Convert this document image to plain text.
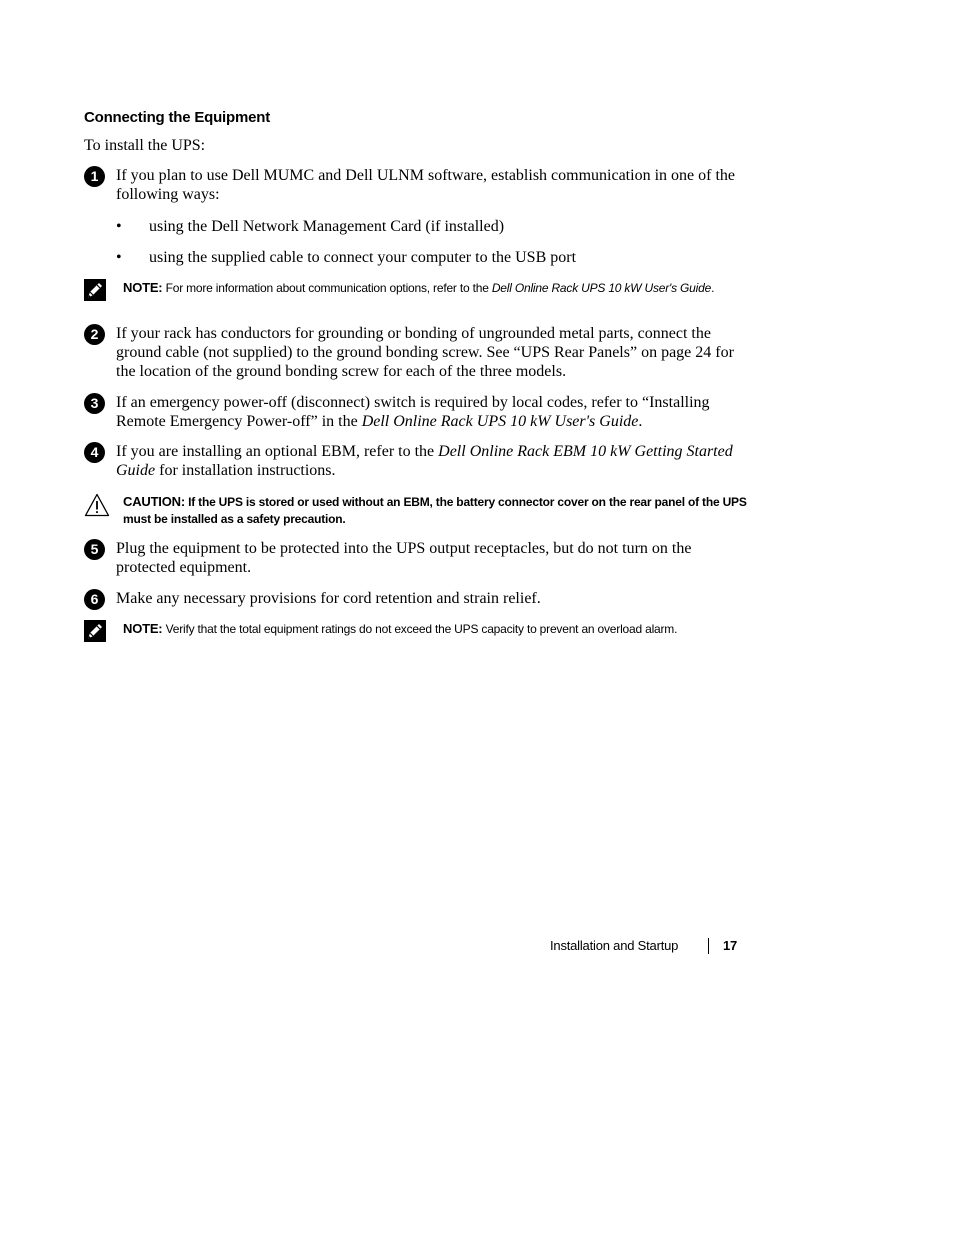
Connecting the Equipment
To install the UPS:
1	If you plan to use Dell MUMC and Dell ULNM software, establish communication in one of the following ways:
• using the Dell Network Management Card (if installed)
• using the supplied cable to connect your computer to the USB port
NOTE: For more information about communication options, refer to the Dell Online Rack UPS 10 kW User's Guide.
2	If your rack has conductors for grounding or bonding of ungrounded metal parts, connect the ground cable (not supplied) to the ground bonding screw. See “UPS Rear Panels” on page 24 for the location of the ground bonding screw for each of the three models.
3	If an emergency power-off (disconnect) switch is required by local codes, refer to “Installing Remote Emergency Power-off” in the Dell Online Rack UPS 10 kW User's Guide.
4	If you are installing an optional EBM, refer to the Dell Online Rack EBM 10 kW Getting Started Guide for installation instructions.
CAUTION: If the UPS is stored or used without an EBM, the battery connector cover on the rear panel of the UPS must be installed as a safety precaution.
5	Plug the equipment to be protected into the UPS output receptacles, but do not turn on the protected equipment.
6	Make any necessary provisions for cord retention and strain relief.
NOTE: Verify that the total equipment ratings do not exceed the UPS capacity to prevent an overload alarm.
Installation and Startup	17
